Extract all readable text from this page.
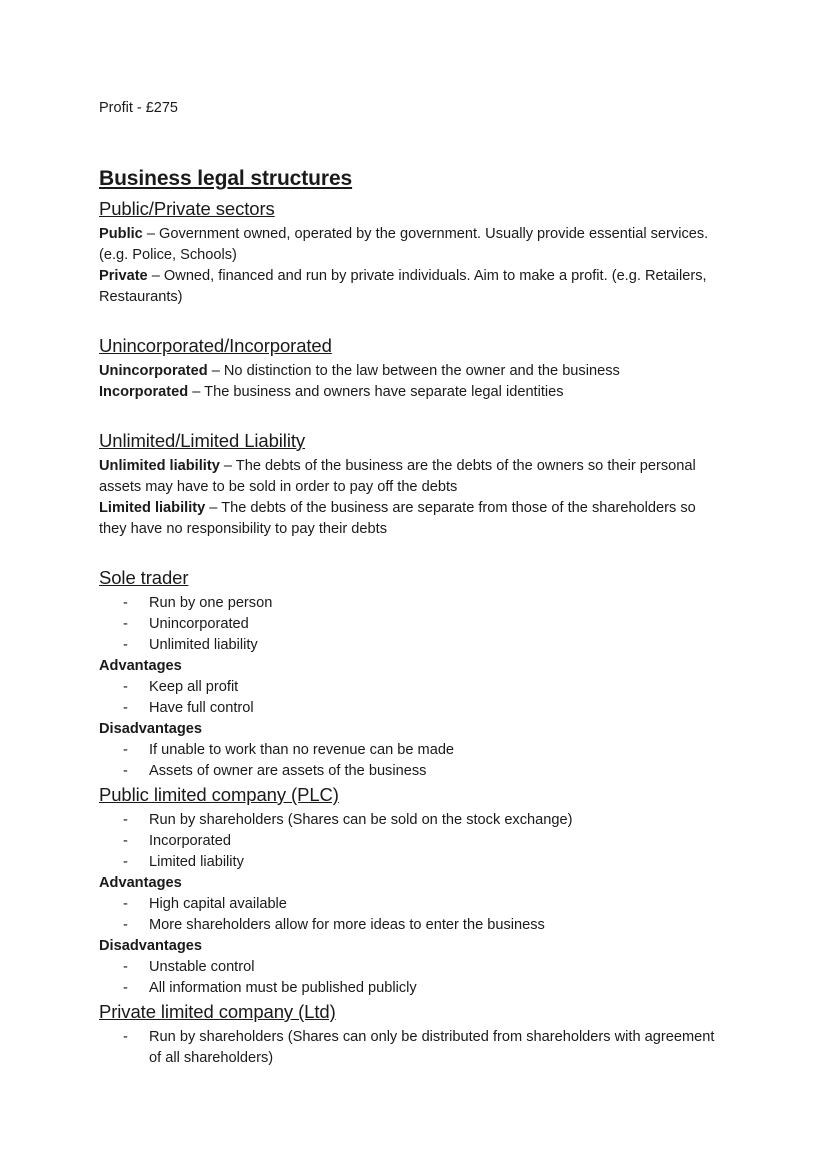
Profit - £275

Business legal structures
Public/Private sectors

Public – Government owned, operated by the government. Usually provide essential services. (e.g. Police, Schools)

Private – Owned, financed and run by private individuals. Aim to make a profit. (e.g. Retailers, Restaurants)

Unincorporated/Incorporated

Unincorporated – No distinction to the law between the owner and the business

Incorporated – The business and owners have separate legal identities

Unlimited/Limited Liability

Unlimited liability – The debts of the business are the debts of the owners so their personal assets may have to be sold in order to pay off the debts

Limited liability – The debts of the business are separate from those of the shareholders so they have no responsibility to pay their debts

Sole trader
- Run by one person
- Unincorporated
- Unlimited liability

Advantages

- Keep all profit
- Have full control

Disadvantages

- If unable to work than no revenue can be made
- Assets of owner are assets of the business
Public limited company (PLC)
- Run by shareholders (Shares can be sold on the stock exchange)
- Incorporated
- Limited liability

Advantages

- High capital available
- More shareholders allow for more ideas to enter the business

Disadvantages

- Unstable control
- All information must be published publicly
Private limited company (Ltd)
- Run by shareholders (Shares can only be distributed from shareholders with agreement of all shareholders)
